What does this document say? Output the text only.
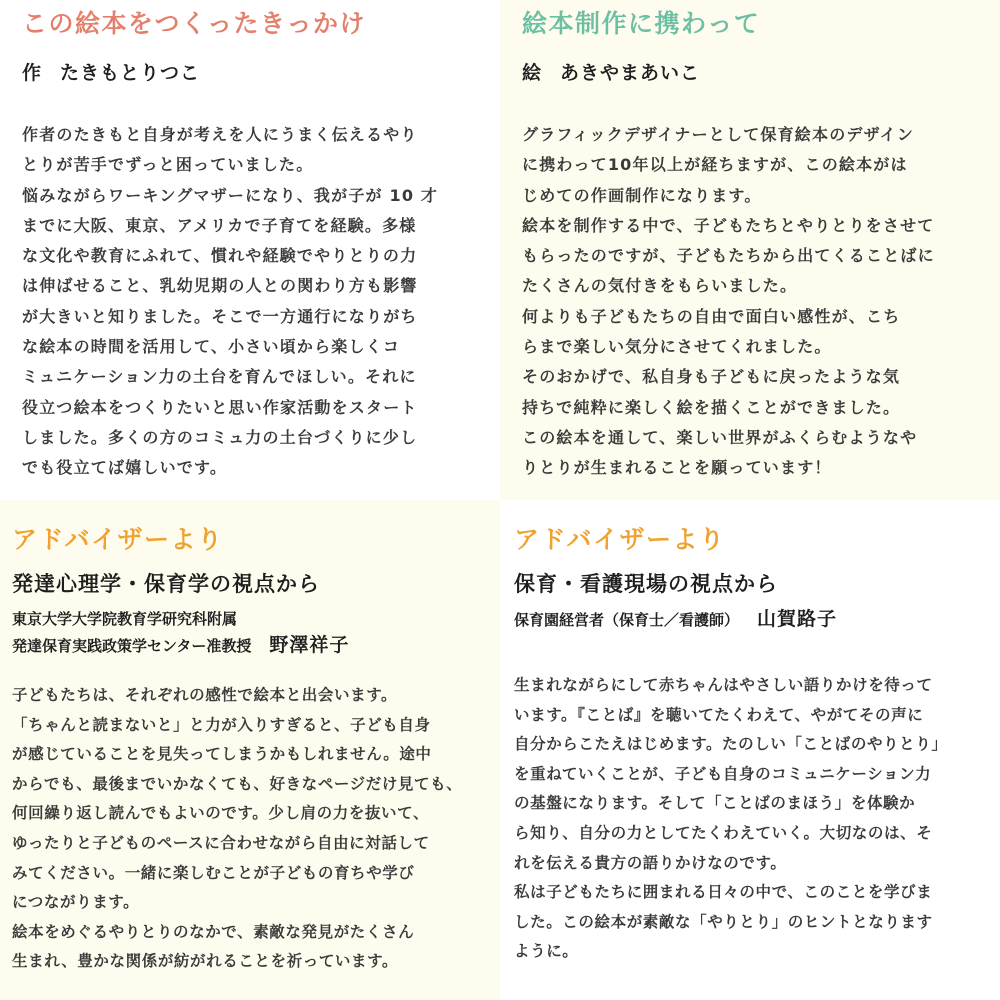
この絵本をつくったきっかけ
作 たきもとりつこ

作者のたきもと自身が考えを人にうまく伝えるやり

とりが苦手でずっと困っていました。

悩みながらワーキングマザーになり、我が子が 10 才

までに大阪、東京、アメリカで子育てを経験。多様

な文化や教育にふれて、慣れや経験でやりとりの力

は伸ばせること、乳幼児期の人との関わり方も影響

が大きいと知りました。そこで一方通行になりがち

な絵本の時間を活用して、小さい頃から楽しくコ

ミュニケーション力の土台を育んでほしい。それに

役立つ絵本をつくりたいと思い作家活動をスタート

しました。多くの方のコミュ力の土台づくりに少し

でも役立てば嬉しいです。

絵本制作に携わって
絵 あきやまあいこ

グラフィックデザイナーとして保育絵本のデザイン

に携わって10年以上が経ちますが、この絵本がは

じめての作画制作になります。

絵本を制作する中で、子どもたちとやりとりをさせて

もらったのですが、子どもたちから出てくることばに

たくさんの気付きをもらいました。

何よりも子どもたちの自由で面白い感性が、こち

らまで楽しい気分にさせてくれました。

そのおかげで、私自身も子どもに戻ったような気

持ちで純粋に楽しく絵を描くことができました。

この絵本を通して、楽しい世界がふくらむようなや

りとりが生まれることを願っています！

アドバイザーより
発達心理学・保育学の視点から
東京大学大学院教育学研究科附属
発達保育実践政策学センター准教授 野澤祥子

子どもたちは、それぞれの感性で絵本と出会います。

「ちゃんと読まないと」と力が入りすぎると、子ども自身

が感じていることを見失ってしまうかもしれません。途中

からでも、最後までいかなくても、好きなページだけ見ても、

何回繰り返し読んでもよいのです。少し肩の力を抜いて、

ゆったりと子どものペースに合わせながら自由に対話して

みてください。一緒に楽しむことが子どもの育ちや学び

につながります。

絵本をめぐるやりとりのなかで、素敵な発見がたくさん

生まれ、豊かな関係が紡がれることを祈っています。

アドバイザーより
保育・看護現場の視点から
保育園経営者（保育士／看護師） 山賀路子

生まれながらにして赤ちゃんはやさしい語りかけを待って

います。『ことば』を聴いてたくわえて、やがてその声に

自分からこたえはじめます。たのしい「ことばのやりとり」

を重ねていくことが、子ども自身のコミュニケーション力

の基盤になります。そして「ことばのまほう」を体験か

ら知り、自分の力としてたくわえていく。大切なのは、そ

れを伝える貴方の語りかけなのです。

私は子どもたちに囲まれる日々の中で、このことを学びま

した。この絵本が素敵な「やりとり」のヒントとなります

ように。
